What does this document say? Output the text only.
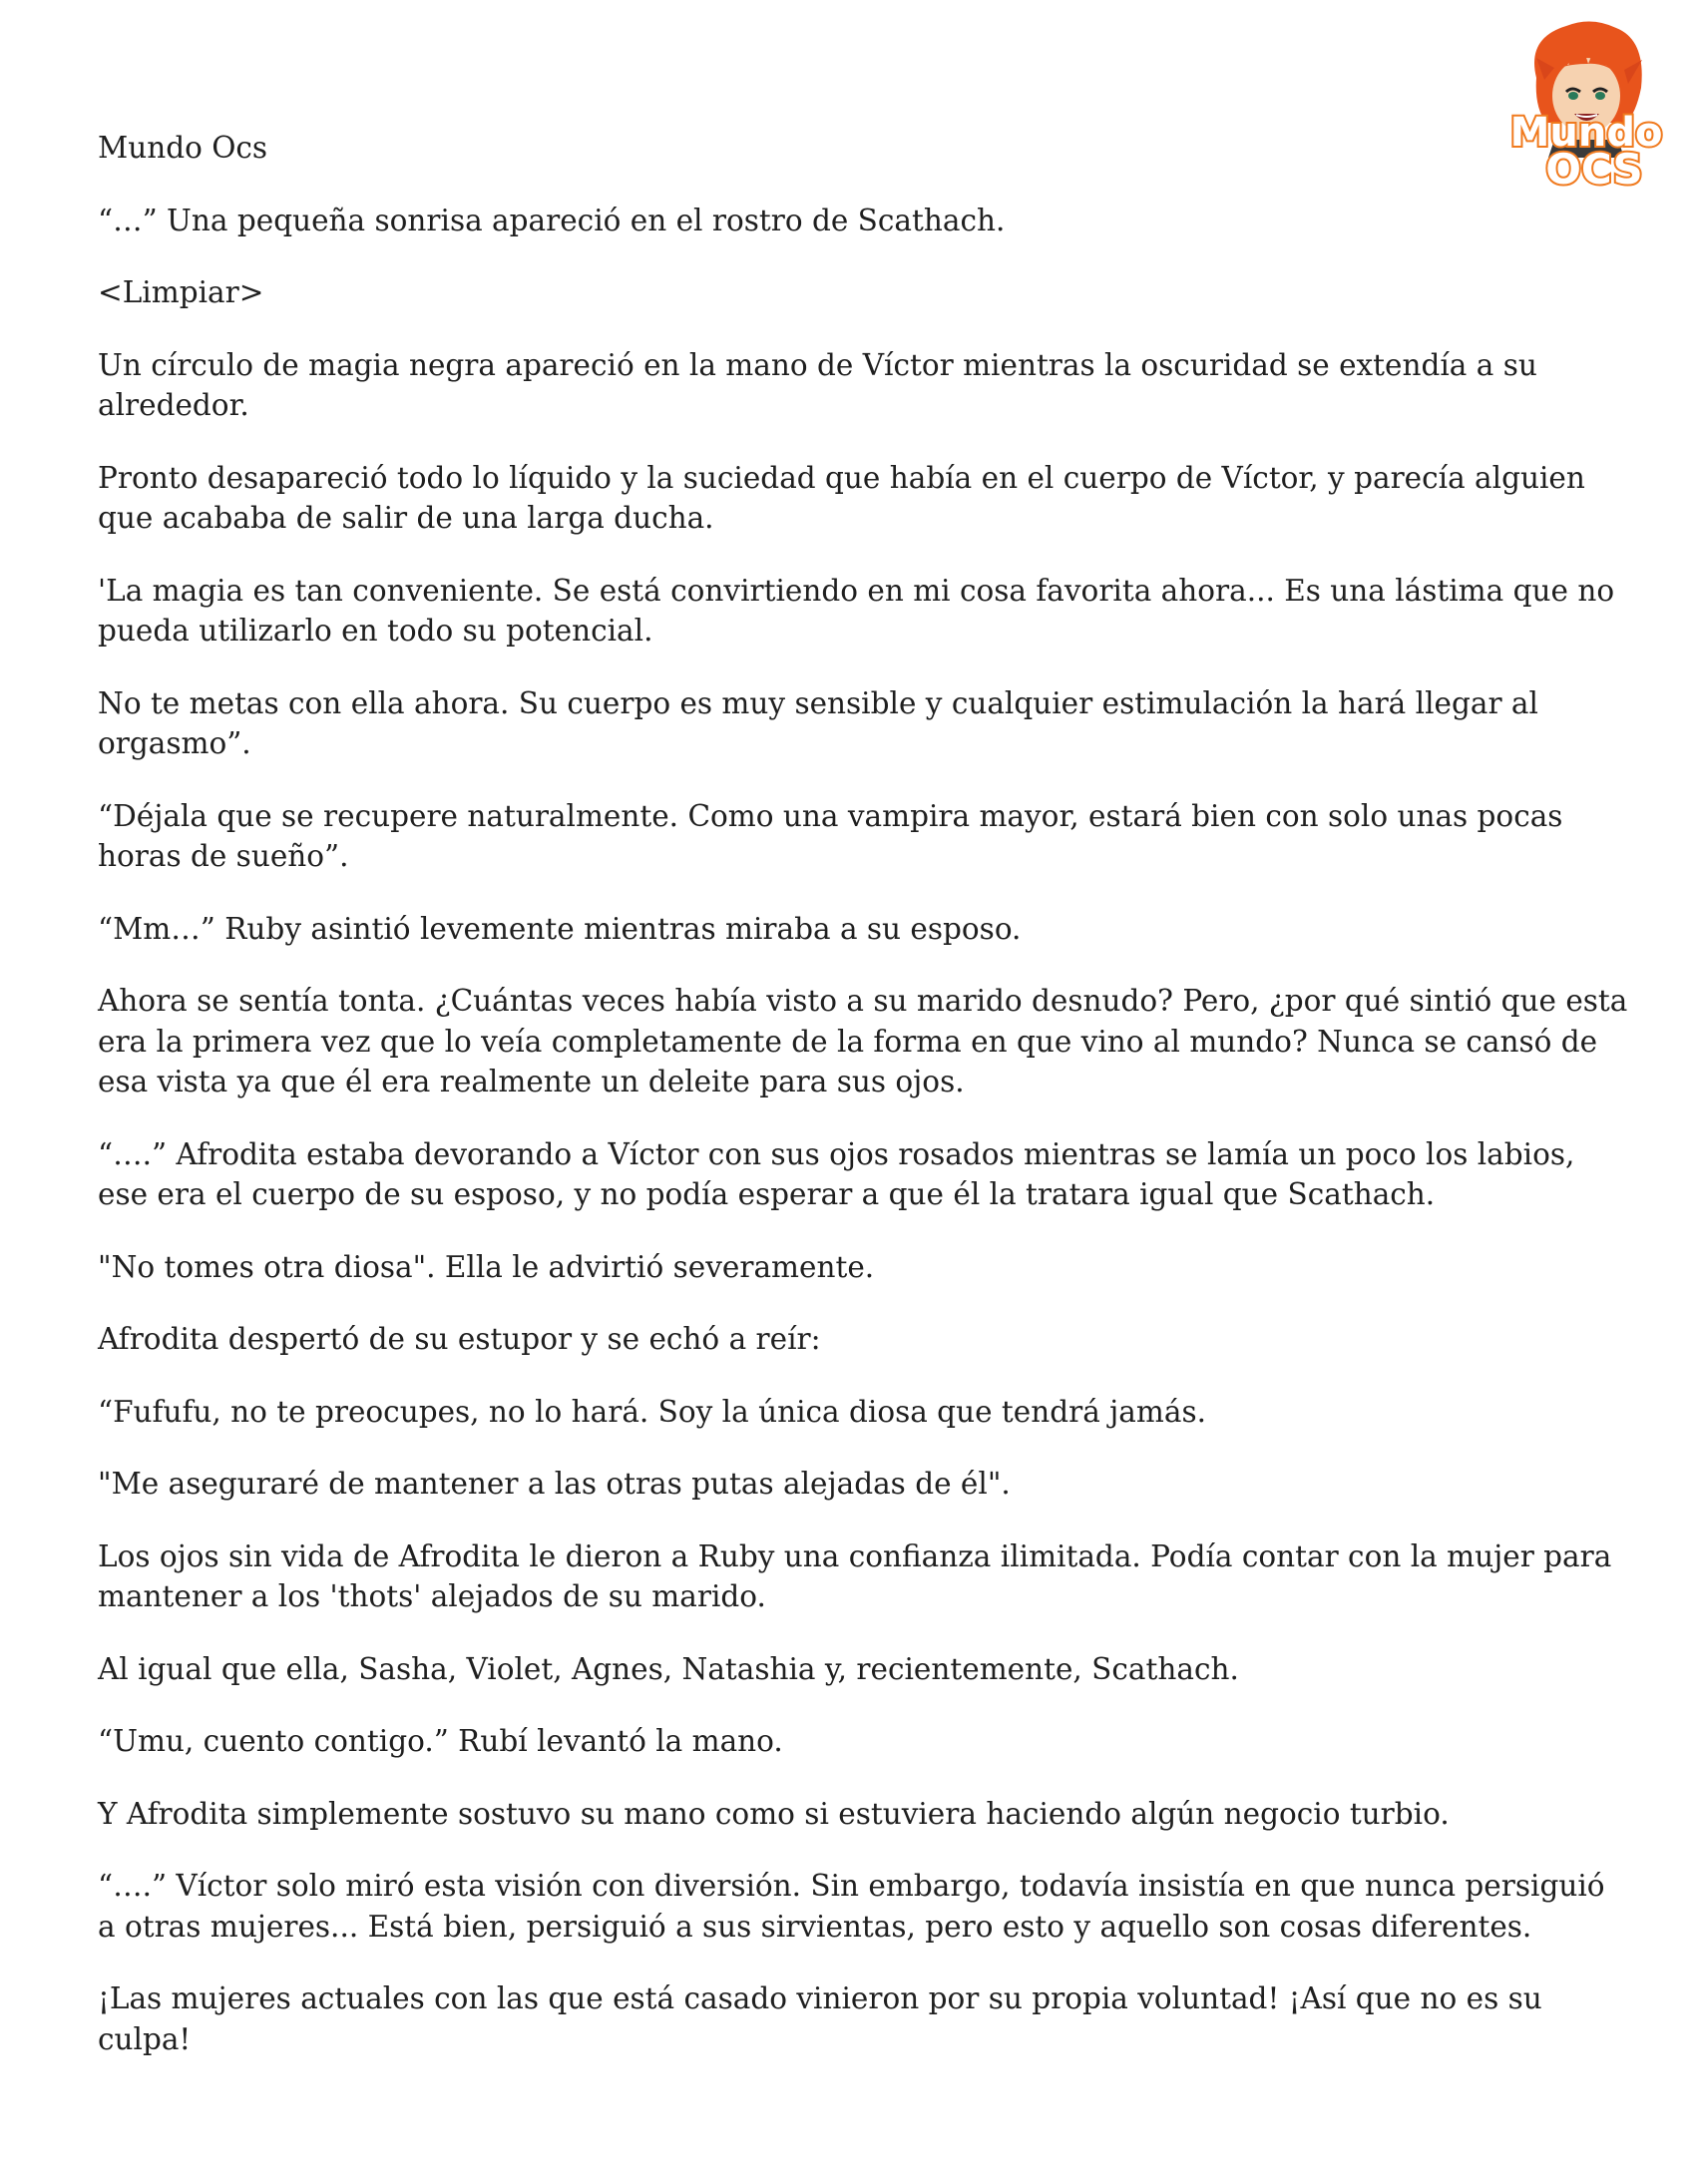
Mundo
OCS

Mundo Ocs

“…” Una pequeña sonrisa apareció en el rostro de Scathach.

<Limpiar>

Un círculo de magia negra apareció en la mano de Víctor mientras la oscuridad se extendía a su alrededor.

Pronto desapareció todo lo líquido y la suciedad que había en el cuerpo de Víctor, y parecía alguien que acababa de salir de una larga ducha.

'La magia es tan conveniente. Se está convirtiendo en mi cosa favorita ahora... Es una lástima que no pueda utilizarlo en todo su potencial.

No te metas con ella ahora. Su cuerpo es muy sensible y cualquier estimulación la hará llegar al orgasmo”.

“Déjala que se recupere naturalmente. Como una vampira mayor, estará bien con solo unas pocas horas de sueño”.

“Mm…” Ruby asintió levemente mientras miraba a su esposo.

Ahora se sentía tonta. ¿Cuántas veces había visto a su marido desnudo? Pero, ¿por qué sintió que esta era la primera vez que lo veía completamente de la forma en que vino al mundo? Nunca se cansó de esa vista ya que él era realmente un deleite para sus ojos.

“….” Afrodita estaba devorando a Víctor con sus ojos rosados mientras se lamía un poco los labios, ese era el cuerpo de su esposo, y no podía esperar a que él la tratara igual que Scathach.

"No tomes otra diosa". Ella le advirtió severamente.

Afrodita despertó de su estupor y se echó a reír:

“Fufufu, no te preocupes, no lo hará. Soy la única diosa que tendrá jamás.

"Me aseguraré de mantener a las otras putas alejadas de él".

Los ojos sin vida de Afrodita le dieron a Ruby una confianza ilimitada. Podía contar con la mujer para mantener a los 'thots' alejados de su marido.

Al igual que ella, Sasha, Violet, Agnes, Natashia y, recientemente, Scathach.

“Umu, cuento contigo.” Rubí levantó la mano.

Y Afrodita simplemente sostuvo su mano como si estuviera haciendo algún negocio turbio.

“….” Víctor solo miró esta visión con diversión. Sin embargo, todavía insistía en que nunca persiguió a otras mujeres... Está bien, persiguió a sus sirvientas, pero esto y aquello son cosas diferentes.

¡Las mujeres actuales con las que está casado vinieron por su propia voluntad! ¡Así que no es su culpa!
